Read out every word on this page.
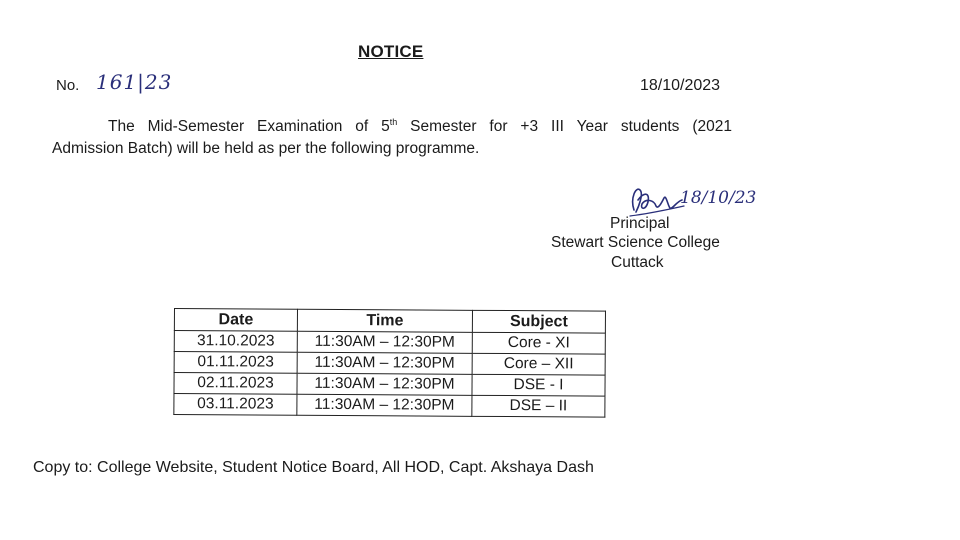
NOTICE
No. 161|23	18/10/2023
The Mid-Semester Examination of 5th Semester for +3 III Year students (2021
Admission Batch) will be held as per the following programme.
18/10/23
Principal
Stewart Science College
Cuttack
Date	Time	Subject
31.10.2023	11:30AM – 12:30PM	Core - XI
01.11.2023	11:30AM – 12:30PM	Core – XII
02.11.2023	11:30AM – 12:30PM	DSE - I
03.11.2023	11:30AM – 12:30PM	DSE – II
Copy to: College Website, Student Notice Board, All HOD, Capt. Akshaya Dash
